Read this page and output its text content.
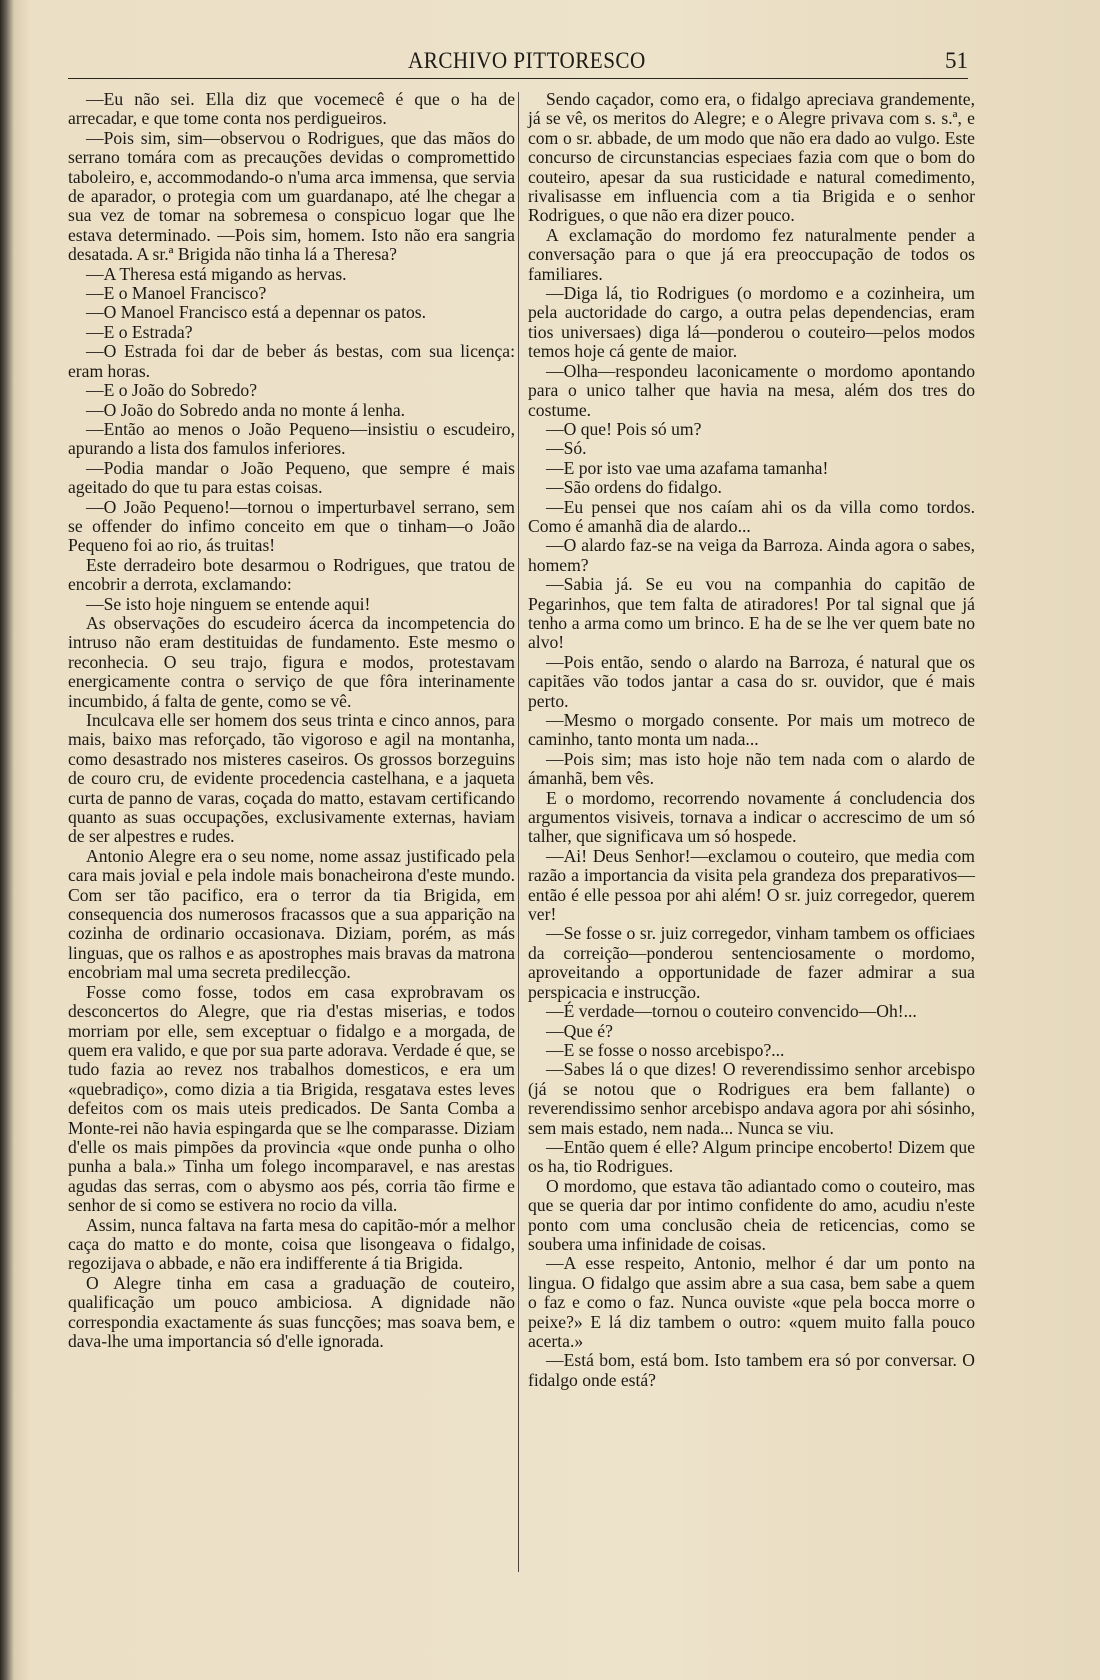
ARCHIVO PITTORESCO	51

—Eu não sei. Ella diz que vocemecê é que o ha de arrecadar, e que tome conta nos perdigueiros.

—Pois sim, sim—observou o Rodrigues, que das mãos do serrano tomára com as precauções devidas o compromettido taboleiro, e, accommodando-o n'uma arca immensa, que servia de aparador, o protegia com um guardanapo, até lhe chegar a sua vez de tomar na sobremesa o conspicuo logar que lhe estava determinado. —Pois sim, homem. Isto não era sangria desatada. A sr.ª Brigida não tinha lá a Theresa?

—A Theresa está migando as hervas.

—E o Manoel Francisco?

—O Manoel Francisco está a depennar os patos.

—E o Estrada?

—O Estrada foi dar de beber ás bestas, com sua licença: eram horas.

—E o João do Sobredo?

—O João do Sobredo anda no monte á lenha.

—Então ao menos o João Pequeno—insistiu o escudeiro, apurando a lista dos famulos inferiores.

—Podia mandar o João Pequeno, que sempre é mais ageitado do que tu para estas coisas.

—O João Pequeno!—tornou o imperturbavel serrano, sem se offender do infimo conceito em que o tinham—o João Pequeno foi ao rio, ás truitas!

Este derradeiro bote desarmou o Rodrigues, que tratou de encobrir a derrota, exclamando:

—Se isto hoje ninguem se entende aqui!

As observações do escudeiro ácerca da incompetencia do intruso não eram destituidas de fundamento. Este mesmo o reconhecia. O seu trajo, figura e modos, protestavam energicamente contra o serviço de que fôra interinamente incumbido, á falta de gente, como se vê.

Inculcava elle ser homem dos seus trinta e cinco annos, para mais, baixo mas reforçado, tão vigoroso e agil na montanha, como desastrado nos misteres caseiros. Os grossos borzeguins de couro cru, de evidente procedencia castelhana, e a jaqueta curta de panno de varas, coçada do matto, estavam certificando quanto as suas occupações, exclusivamente externas, haviam de ser alpestres e rudes.

Antonio Alegre era o seu nome, nome assaz justificado pela cara mais jovial e pela indole mais bonacheirona d'este mundo. Com ser tão pacifico, era o terror da tia Brigida, em consequencia dos numerosos fracassos que a sua apparição na cozinha de ordinario occasionava. Diziam, porém, as más linguas, que os ralhos e as apostrophes mais bravas da matrona encobriam mal uma secreta predilecção.

Fosse como fosse, todos em casa exprobravam os desconcertos do Alegre, que ria d'estas miserias, e todos morriam por elle, sem exceptuar o fidalgo e a morgada, de quem era valido, e que por sua parte adorava. Verdade é que, se tudo fazia ao revez nos trabalhos domesticos, e era um «quebradiço», como dizia a tia Brigida, resgatava estes leves defeitos com os mais uteis predicados. De Santa Comba a Monte-rei não havia espingarda que se lhe comparasse. Diziam d'elle os mais pimpões da provincia «que onde punha o olho punha a bala.» Tinha um folego incomparavel, e nas arestas agudas das serras, com o abysmo aos pés, corria tão firme e senhor de si como se estivera no rocio da villa.

Assim, nunca faltava na farta mesa do capitão-mór a melhor caça do matto e do monte, coisa que lisongeava o fidalgo, regozijava o abbade, e não era indifferente á tia Brigida.

O Alegre tinha em casa a graduação de couteiro, qualificação um pouco ambiciosa. A dignidade não correspondia exactamente ás suas funcções; mas soava bem, e dava-lhe uma importancia só d'elle ignorada.

Sendo caçador, como era, o fidalgo apreciava grandemente, já se vê, os meritos do Alegre; e o Alegre privava com s. s.ª, e com o sr. abbade, de um modo que não era dado ao vulgo. Este concurso de circunstancias especiaes fazia com que o bom do couteiro, apesar da sua rusticidade e natural comedimento, rivalisasse em influencia com a tia Brigida e o senhor Rodrigues, o que não era dizer pouco.

A exclamação do mordomo fez naturalmente pender a conversação para o que já era preoccupação de todos os familiares.

—Diga lá, tio Rodrigues (o mordomo e a cozinheira, um pela auctoridade do cargo, a outra pelas dependencias, eram tios universaes) diga lá—ponderou o couteiro—pelos modos temos hoje cá gente de maior.

—Olha—respondeu laconicamente o mordomo apontando para o unico talher que havia na mesa, além dos tres do costume.

—O que! Pois só um?

—Só.

—E por isto vae uma azafama tamanha!

—São ordens do fidalgo.

—Eu pensei que nos caíam ahi os da villa como tordos. Como é amanhã dia de alardo...

—O alardo faz-se na veiga da Barroza. Ainda agora o sabes, homem?

—Sabia já. Se eu vou na companhia do capitão de Pegarinhos, que tem falta de atiradores! Por tal signal que já tenho a arma como um brinco. E ha de se lhe ver quem bate no alvo!

—Pois então, sendo o alardo na Barroza, é natural que os capitães vão todos jantar a casa do sr. ouvidor, que é mais perto.

—Mesmo o morgado consente. Por mais um motreco de caminho, tanto monta um nada...

—Pois sim; mas isto hoje não tem nada com o alardo de ámanhã, bem vês.

E o mordomo, recorrendo novamente á concludencia dos argumentos visiveis, tornava a indicar o accrescimo de um só talher, que significava um só hospede.

—Ai! Deus Senhor!—exclamou o couteiro, que media com razão a importancia da visita pela grandeza dos preparativos—então é elle pessoa por ahi além! O sr. juiz corregedor, querem ver!

—Se fosse o sr. juiz corregedor, vinham tambem os officiaes da correição—ponderou sentenciosamente o mordomo, aproveitando a opportunidade de fazer admirar a sua perspicacia e instrucção.

—É verdade—tornou o couteiro convencido—Oh!...

—Que é?

—E se fosse o nosso arcebispo?...

—Sabes lá o que dizes! O reverendissimo senhor arcebispo (já se notou que o Rodrigues era bem fallante) o reverendissimo senhor arcebispo andava agora por ahi sósinho, sem mais estado, nem nada... Nunca se viu.

—Então quem é elle? Algum principe encoberto! Dizem que os ha, tio Rodrigues.

O mordomo, que estava tão adiantado como o couteiro, mas que se queria dar por intimo confidente do amo, acudiu n'este ponto com uma conclusão cheia de reticencias, como se soubera uma infinidade de coisas.

—A esse respeito, Antonio, melhor é dar um ponto na lingua. O fidalgo que assim abre a sua casa, bem sabe a quem o faz e como o faz. Nunca ouviste «que pela bocca morre o peixe?» E lá diz tambem o outro: «quem muito falla pouco acerta.»

—Está bom, está bom. Isto tambem era só por conversar. O fidalgo onde está?
